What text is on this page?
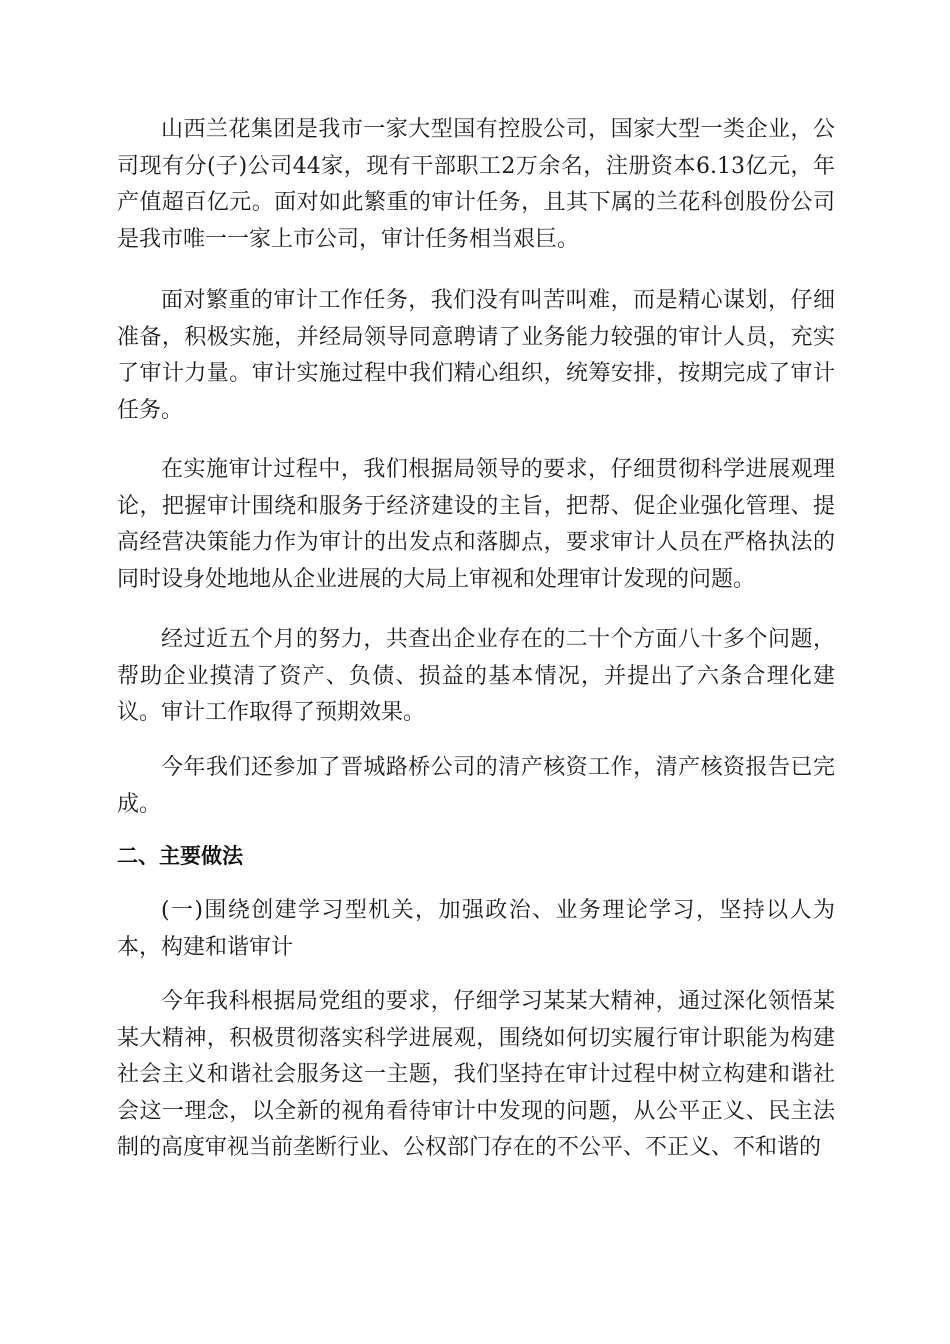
山西兰花集团是我市一家大型国有控股公司，国家大型一类企业，公司现有分(子)公司44家，现有干部职工2万余名，注册资本6.13亿元，年产值超百亿元。面对如此繁重的审计任务，且其下属的兰花科创股份公司是我市唯一一家上市公司，审计任务相当艰巨。

面对繁重的审计工作任务，我们没有叫苦叫难，而是精心谋划，仔细准备，积极实施，并经局领导同意聘请了业务能力较强的审计人员，充实了审计力量。审计实施过程中我们精心组织，统筹安排，按期完成了审计任务。

在实施审计过程中，我们根据局领导的要求，仔细贯彻科学进展观理论，把握审计围绕和服务于经济建设的主旨，把帮、促企业强化管理、提高经营决策能力作为审计的出发点和落脚点，要求审计人员在严格执法的同时设身处地地从企业进展的大局上审视和处理审计发现的问题。

经过近五个月的努力，共查出企业存在的二十个方面八十多个问题，帮助企业摸清了资产、负债、损益的基本情况，并提出了六条合理化建议。审计工作取得了预期效果。

今年我们还参加了晋城路桥公司的清产核资工作，清产核资报告已完成。

二、主要做法

(一)围绕创建学习型机关，加强政治、业务理论学习，坚持以人为本，构建和谐审计

今年我科根据局党组的要求，仔细学习某某大精神，通过深化领悟某某大精神，积极贯彻落实科学进展观，围绕如何切实履行审计职能为构建社会主义和谐社会服务这一主题，我们坚持在审计过程中树立构建和谐社会这一理念，以全新的视角看待审计中发现的问题，从公平正义、民主法制的高度审视当前垄断行业、公权部门存在的不公平、不正义、不和谐的
